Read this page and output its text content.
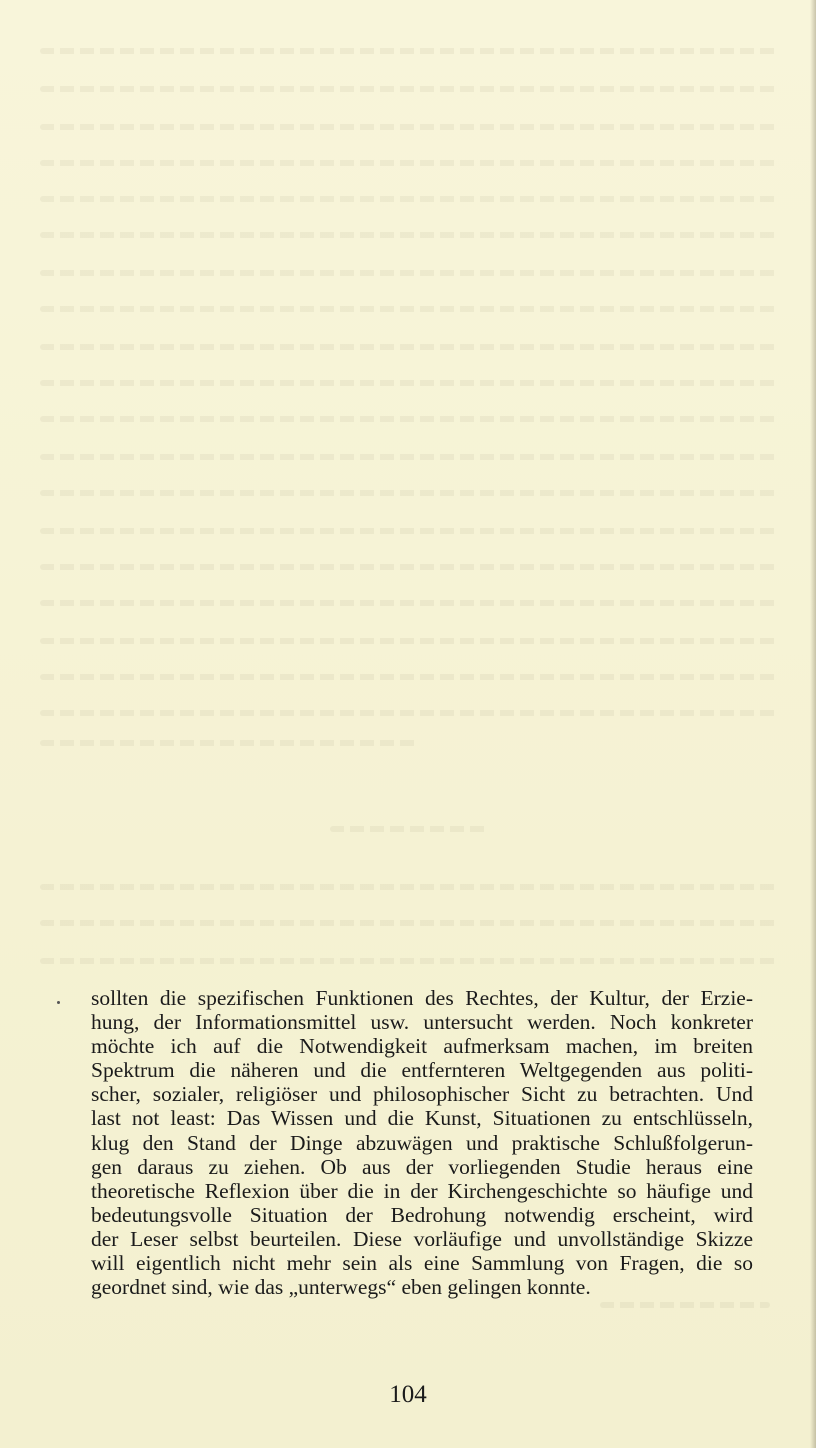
sollten die spezifischen Funktionen des Rechtes, der Kultur, der Erzie-
hung, der Informationsmittel usw. untersucht werden. Noch konkreter
möchte ich auf die Notwendigkeit aufmerksam machen, im breiten
Spektrum die näheren und die entfernteren Weltgegenden aus politi-
scher, sozialer, religiöser und philosophischer Sicht zu betrachten. Und
last not least: Das Wissen und die Kunst, Situationen zu entschlüsseln,
klug den Stand der Dinge abzuwägen und praktische Schlußfolgerun-
gen daraus zu ziehen. Ob aus der vorliegenden Studie heraus eine
theoretische Reflexion über die in der Kirchengeschichte so häufige und
bedeutungsvolle Situation der Bedrohung notwendig erscheint, wird
der Leser selbst beurteilen. Diese vorläufige und unvollständige Skizze
will eigentlich nicht mehr sein als eine Sammlung von Fragen, die so
geordnet sind, wie das „unterwegs“ eben gelingen konnte.

104
